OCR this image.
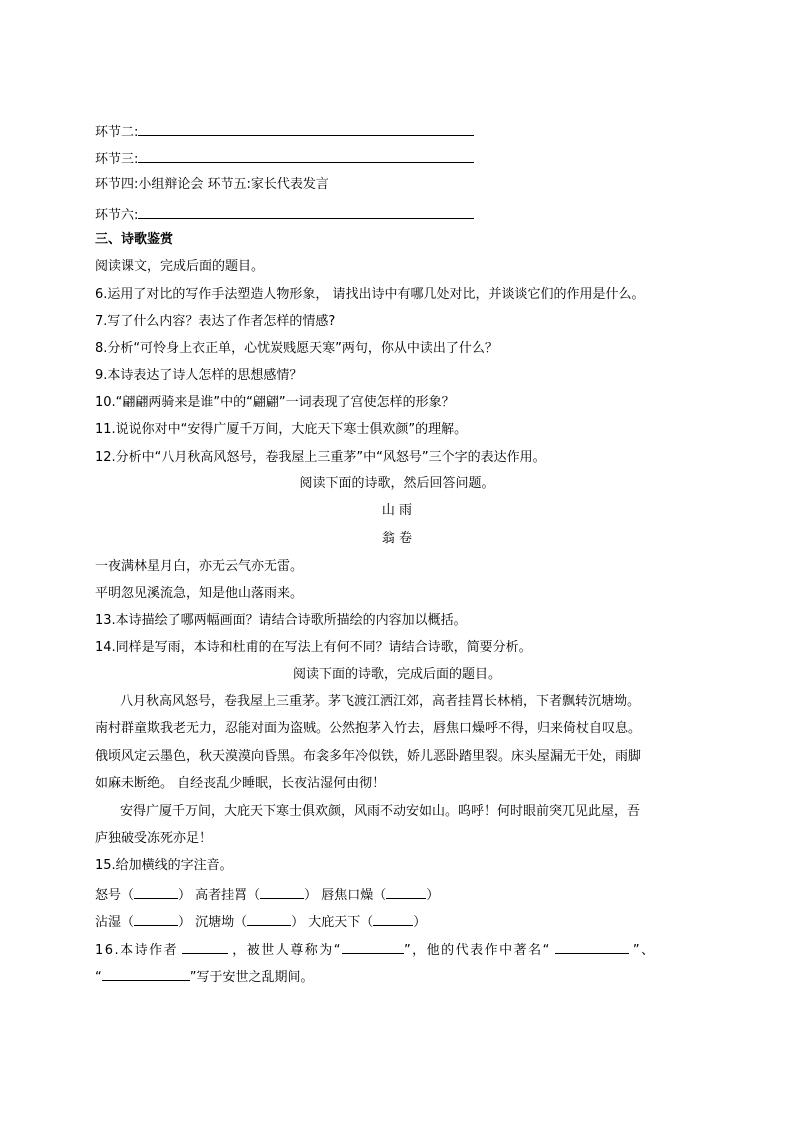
环节二:
环节三:
环节四:小组辩论会 环节五:家长代表发言
环节六:
三、诗歌鉴赏
阅读课文，完成后面的题目。
6.运用了对比的写作手法塑造人物形象， 请找出诗中有哪几处对比，并谈谈它们的作用是什么。
7.写了什么内容？表达了作者怎样的情感?
8.分析“可怜身上衣正单，心忧炭贱愿天寒”两句，你从中读出了什么？
9.本诗表达了诗人怎样的思想感情？
10.“翩翩两骑来是谁”中的“翩翩”一词表现了宫使怎样的形象？
11.说说你对中“安得广厦千万间，大庇天下寒士俱欢颜”的理解。
12.分析中“八月秋高风怒号，卷我屋上三重茅”中“风怒号”三个字的表达作用。
阅读下面的诗歌，然后回答问题。
山 雨
翁 卷
一夜满林星月白，亦无云气亦无雷。
平明忽见溪流急，知是他山落雨来。
13.本诗描绘了哪两幅画面？请结合诗歌所描绘的内容加以概括。
14.同样是写雨，本诗和杜甫的在写法上有何不同？请结合诗歌，简要分析。
阅读下面的诗歌，完成后面的题目。
八月秋高风怒号，卷我屋上三重茅。茅飞渡江洒江郊，高者挂罥长林梢，下者飘转沉塘坳。
南村群童欺我老无力，忍能对面为盗贼。公然抱茅入竹去，唇焦口燥呼不得，归来倚杖自叹息。
俄顷风定云墨色，秋天漠漠向昏黑。布衾多年冷似铁，娇儿恶卧踏里裂。床头屋漏无干处，雨脚
如麻未断绝。 自经丧乱少睡眠，长夜沾湿何由彻！
安得广厦千万间，大庇天下寒士俱欢颜，风雨不动安如山。呜呼！何时眼前突兀见此屋，吾
庐独破受冻死亦足！
15.给加横线的字注音。
怒号（	） 高者挂罥（	） 唇焦口燥（	）
沾湿（	） 沉塘坳（	） 大庇天下（	）
16.本诗作者	，被世人尊称为“	”，他的代表作中著名“	”、
“	”写于安世之乱期间。
